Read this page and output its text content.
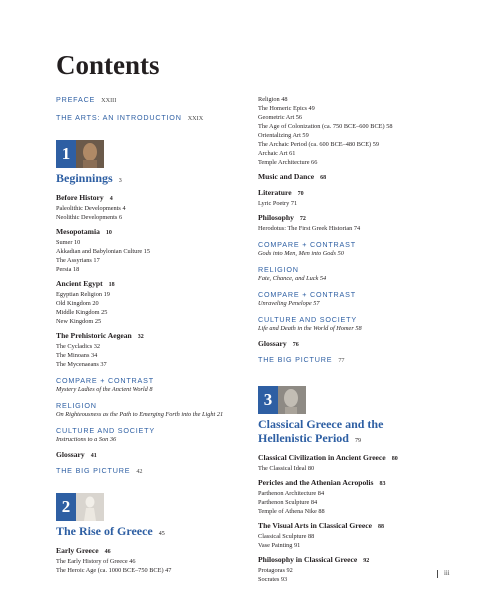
Contents
PREFACE XXIII
THE ARTS: AN INTRODUCTION XXIX
1
Beginnings 3
Before History 4
Paleolithic Developments 4
Neolithic Developments 6
Mesopotamia 10
Sumer 10
Akkadian and Babylonian Culture 15
The Assyrians 17
Persia 18
Ancient Egypt 18
Egyptian Religion 19
Old Kingdom 20
Middle Kingdom 25
New Kingdom 25
The Prehistoric Aegean 32
The Cycladics 32
The Minoans 34
The Mycenaeans 37
COMPARE + CONTRAST
Mystery Ladies of the Ancient World 8
RELIGION
On Righteousness as the Path to Emerging Forth into the Light 21
CULTURE AND SOCIETY
Instructions to a Son 36
Glossary 41
THE BIG PICTURE 42
2
The Rise of Greece 45
Early Greece 46
The Early History of Greece 46
The Heroic Age (ca. 1000 BCE–750 BCE) 47
Religion 48
The Homeric Epics 49
Geometric Art 56
The Age of Colonization (ca. 750 BCE–600 BCE) 58
Orientalizing Art 59
The Archaic Period (ca. 600 BCE–480 BCE) 59
Archaic Art 61
Temple Architecture 66
Music and Dance 68
Literature 70
Lyric Poetry 71
Philosophy 72
Herodotus: The First Greek Historian 74
COMPARE + CONTRAST
Gods into Men, Men into Gods 50
RELIGION
Fate, Chance, and Luck 54
COMPARE + CONTRAST
Unraveling Penelope 57
CULTURE AND SOCIETY
Life and Death in the World of Homer 58
Glossary 76
THE BIG PICTURE 77
3
Classical Greece and the
Hellenistic Period 79
Classical Civilization in Ancient Greece 80
The Classical Ideal 80
Pericles and the Athenian Acropolis 83
Parthenon Architecture 84
Parthenon Sculpture 84
Temple of Athena Nike 88
The Visual Arts in Classical Greece 88
Classical Sculpture 88
Vase Painting 91
Philosophy in Classical Greece 92
Protagoras 92
Socrates 93
iii
